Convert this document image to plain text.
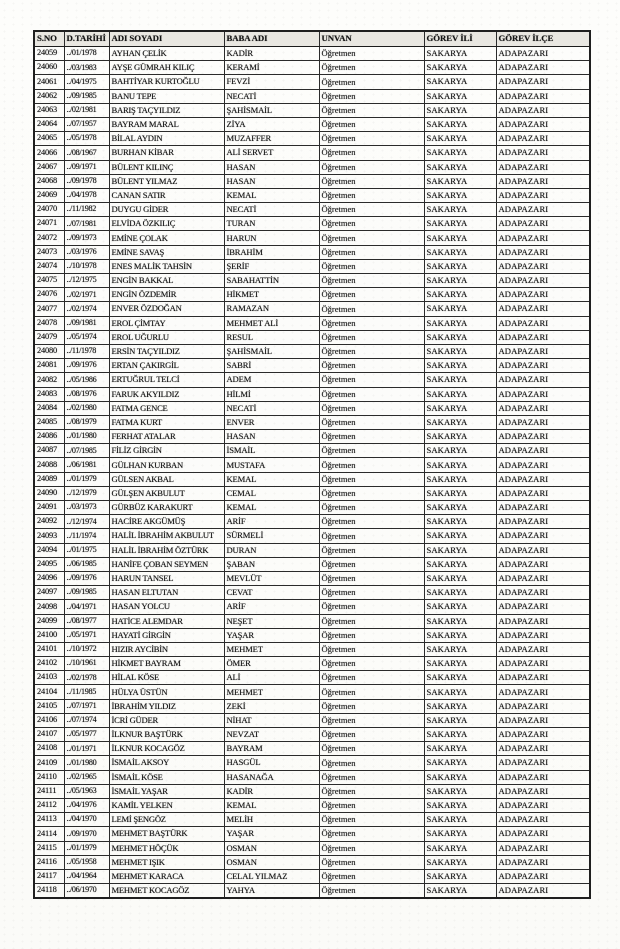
S.NO	D.TARİHİ	ADI SOYADI	BABA ADI	UNVAN	GÖREV İLİ	GÖREV İLÇE
24059	../01/1978	AYHAN ÇELİK	KADİR	Öğretmen	SAKARYA	ADAPAZARI
24060	../03/1983	AYŞE GÜMRAH KILIÇ	KERAMİ	Öğretmen	SAKARYA	ADAPAZARI
24061	../04/1975	BAHTİYAR KURTOĞLU	FEVZİ	Öğretmen	SAKARYA	ADAPAZARI
24062	../09/1985	BANU TEPE	NECATİ	Öğretmen	SAKARYA	ADAPAZARI
24063	../02/1981	BARIŞ TAÇYILDIZ	ŞAHİSMAİL	Öğretmen	SAKARYA	ADAPAZARI
24064	../07/1957	BAYRAM MARAL	ZİYA	Öğretmen	SAKARYA	ADAPAZARI
24065	../05/1978	BİLAL AYDIN	MUZAFFER	Öğretmen	SAKARYA	ADAPAZARI
24066	../08/1967	BURHAN KİBAR	ALİ SERVET	Öğretmen	SAKARYA	ADAPAZARI
24067	../09/1971	BÜLENT KILINÇ	HASAN	Öğretmen	SAKARYA	ADAPAZARI
24068	../09/1978	BÜLENT YILMAZ	HASAN	Öğretmen	SAKARYA	ADAPAZARI
24069	../04/1978	CANAN SATIR	KEMAL	Öğretmen	SAKARYA	ADAPAZARI
24070	../11/1982	DUYGU GİDER	NECATİ	Öğretmen	SAKARYA	ADAPAZARI
24071	../07/1981	ELVİDA ÖZKILIÇ	TURAN	Öğretmen	SAKARYA	ADAPAZARI
24072	../09/1973	EMİNE ÇOLAK	HARUN	Öğretmen	SAKARYA	ADAPAZARI
24073	../03/1976	EMİNE SAVAŞ	İBRAHİM	Öğretmen	SAKARYA	ADAPAZARI
24074	../10/1978	ENES MALİK TAHSİN	ŞERİF	Öğretmen	SAKARYA	ADAPAZARI
24075	../12/1975	ENGİN BAKKAL	SABAHATTİN	Öğretmen	SAKARYA	ADAPAZARI
24076	../02/1971	ENGİN ÖZDEMİR	HİKMET	Öğretmen	SAKARYA	ADAPAZARI
24077	../02/1974	ENVER ÖZDOĞAN	RAMAZAN	Öğretmen	SAKARYA	ADAPAZARI
24078	../09/1981	EROL ÇİMTAY	MEHMET ALİ	Öğretmen	SAKARYA	ADAPAZARI
24079	../05/1974	EROL UĞURLU	RESUL	Öğretmen	SAKARYA	ADAPAZARI
24080	../11/1978	ERSİN TAÇYILDIZ	ŞAHİSMAİL	Öğretmen	SAKARYA	ADAPAZARI
24081	../09/1976	ERTAN ÇAKIRGİL	SABRİ	Öğretmen	SAKARYA	ADAPAZARI
24082	../05/1986	ERTUĞRUL TELCİ	ADEM	Öğretmen	SAKARYA	ADAPAZARI
24083	../08/1976	FARUK AKYILDIZ	HİLMİ	Öğretmen	SAKARYA	ADAPAZARI
24084	../02/1980	FATMA GENCE	NECATİ	Öğretmen	SAKARYA	ADAPAZARI
24085	../08/1979	FATMA KURT	ENVER	Öğretmen	SAKARYA	ADAPAZARI
24086	../01/1980	FERHAT ATALAR	HASAN	Öğretmen	SAKARYA	ADAPAZARI
24087	../07/1985	FİLİZ GİRGİN	İSMAİL	Öğretmen	SAKARYA	ADAPAZARI
24088	../06/1981	GÜLHAN KURBAN	MUSTAFA	Öğretmen	SAKARYA	ADAPAZARI
24089	../01/1979	GÜLSEN AKBAL	KEMAL	Öğretmen	SAKARYA	ADAPAZARI
24090	../12/1979	GÜLŞEN AKBULUT	CEMAL	Öğretmen	SAKARYA	ADAPAZARI
24091	../03/1973	GÜRBÜZ KARAKURT	KEMAL	Öğretmen	SAKARYA	ADAPAZARI
24092	../12/1974	HACİRE AKGÜMÜŞ	ARİF	Öğretmen	SAKARYA	ADAPAZARI
24093	../11/1974	HALİL İBRAHİM AKBULUT	SÜRMELİ	Öğretmen	SAKARYA	ADAPAZARI
24094	../01/1975	HALİL İBRAHİM ÖZTÜRK	DURAN	Öğretmen	SAKARYA	ADAPAZARI
24095	../06/1985	HANİFE ÇOBAN SEYMEN	ŞABAN	Öğretmen	SAKARYA	ADAPAZARI
24096	../09/1976	HARUN TANSEL	MEVLÜT	Öğretmen	SAKARYA	ADAPAZARI
24097	../09/1985	HASAN ELTUTAN	CEVAT	Öğretmen	SAKARYA	ADAPAZARI
24098	../04/1971	HASAN YOLCU	ARİF	Öğretmen	SAKARYA	ADAPAZARI
24099	../08/1977	HATİCE ALEMDAR	NEŞET	Öğretmen	SAKARYA	ADAPAZARI
24100	../05/1971	HAYATİ GİRGİN	YAŞAR	Öğretmen	SAKARYA	ADAPAZARI
24101	../10/1972	HIZIR AYCİBİN	MEHMET	Öğretmen	SAKARYA	ADAPAZARI
24102	../10/1961	HİKMET BAYRAM	ÖMER	Öğretmen	SAKARYA	ADAPAZARI
24103	../02/1978	HİLAL KÖSE	ALİ	Öğretmen	SAKARYA	ADAPAZARI
24104	../11/1985	HÜLYA ÜSTÜN	MEHMET	Öğretmen	SAKARYA	ADAPAZARI
24105	../07/1971	İBRAHİM YILDIZ	ZEKİ	Öğretmen	SAKARYA	ADAPAZARI
24106	../07/1974	İCRİ GÜDER	NİHAT	Öğretmen	SAKARYA	ADAPAZARI
24107	../05/1977	İLKNUR BAŞTÜRK	NEVZAT	Öğretmen	SAKARYA	ADAPAZARI
24108	../01/1971	İLKNUR KOCAGÖZ	BAYRAM	Öğretmen	SAKARYA	ADAPAZARI
24109	../01/1980	İSMAİL AKSOY	HASGÜL	Öğretmen	SAKARYA	ADAPAZARI
24110	../02/1965	İSMAİL KÖSE	HASANAĞA	Öğretmen	SAKARYA	ADAPAZARI
24111	../05/1963	İSMAİL YAŞAR	KADİR	Öğretmen	SAKARYA	ADAPAZARI
24112	../04/1976	KAMİL YELKEN	KEMAL	Öğretmen	SAKARYA	ADAPAZARI
24113	../04/1970	LEMİ ŞENGÖZ	MELİH	Öğretmen	SAKARYA	ADAPAZARI
24114	../09/1970	MEHMET BAŞTÜRK	YAŞAR	Öğretmen	SAKARYA	ADAPAZARI
24115	../01/1979	MEHMET HÖÇÜK	OSMAN	Öğretmen	SAKARYA	ADAPAZARI
24116	../05/1958	MEHMET IŞIK	OSMAN	Öğretmen	SAKARYA	ADAPAZARI
24117	../04/1964	MEHMET KARACA	CELAL YILMAZ	Öğretmen	SAKARYA	ADAPAZARI
24118	../06/1970	MEHMET KOCAGÖZ	YAHYA	Öğretmen	SAKARYA	ADAPAZARI
